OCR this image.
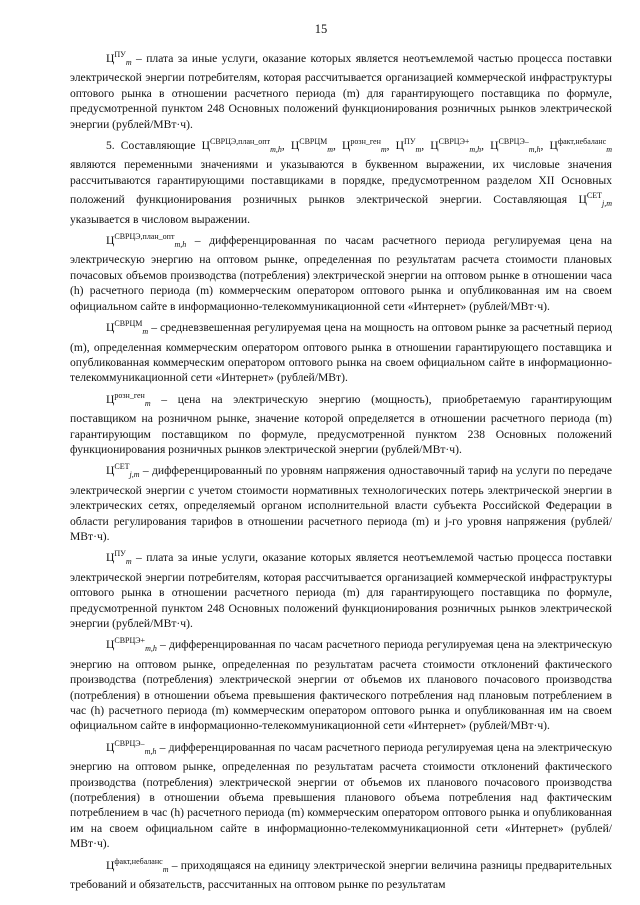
15

$Ц^{ПУ}_m$ – плата за иные услуги, оказание которых является неотъемлемой частью процесса поставки электрической энергии потребителям, которая рассчитывается организацией коммерческой инфраструктуры оптового рынка в отношении расчетного периода (m) для гарантирующего поставщика по формуле, предусмотренной пунктом 248 Основных положений функционирования розничных рынков электрической энергии (рублей/МВт·ч).

5. Составляющие $Ц^{СВРЦЭ,план\_опт}_{m,h}$, $Ц^{СВРЦМ}_m$, $Ц^{розн\_ген}_m$, $Ц^{ПУ}_m$, $Ц^{СВРЦЭ+}_{m,h}$, $Ц^{СВРЦЭ-}_{m,h}$, $Ц^{факт,небаланс}_m$ являются переменными значениями и указываются в буквенном выражении, их числовые значения рассчитываются гарантирующими поставщиками в порядке, предусмотренном разделом XII Основных положений функционирования розничных рынков электрической энергии. Составляющая $Ц^{СЕТ}_{j,m}$ указывается в числовом выражении.

$Ц^{СВРЦЭ,план\_опт}_{m,h}$ – дифференцированная по часам расчетного периода регулируемая цена на электрическую энергию на оптовом рынке, определенная по результатам расчета стоимости плановых почасовых объемов производства (потребления) электрической энергии на оптовом рынке в отношении часа (h) расчетного периода (m) коммерческим оператором оптового рынка и опубликованная им на своем официальном сайте в информационно-телекоммуникационной сети «Интернет» (рублей/МВт·ч).

$Ц^{СВРЦМ}_m$ – средневзвешенная регулируемая цена на мощность на оптовом рынке за расчетный период (m), определенная коммерческим оператором оптового рынка в отношении гарантирующего поставщика и опубликованная коммерческим оператором оптового рынка на своем официальном сайте в информационно-телекоммуникационной сети «Интернет» (рублей/МВт).

$Ц^{розн\_ген}_m$ – цена на электрическую энергию (мощность), приобретаемую гарантирующим поставщиком на розничном рынке, значение которой определяется в отношении расчетного периода (m) гарантирующим поставщиком по формуле, предусмотренной пунктом 238 Основных положений функционирования розничных рынков электрической энергии (рублей/МВт·ч).

$Ц^{СЕТ}_{j,m}$ – дифференцированный по уровням напряжения одноставочный тариф на услуги по передаче электрической энергии с учетом стоимости нормативных технологических потерь электрической энергии в электрических сетях, определяемый органом исполнительной власти субъекта Российской Федерации в области регулирования тарифов в отношении расчетного периода (m) и j-го уровня напряжения (рублей/МВт·ч).

$Ц^{ПУ}_m$ – плата за иные услуги, оказание которых является неотъемлемой частью процесса поставки электрической энергии потребителям, которая рассчитывается организацией коммерческой инфраструктуры оптового рынка в отношении расчетного периода (m) для гарантирующего поставщика по формуле, предусмотренной пунктом 248 Основных положений функционирования розничных рынков электрической энергии (рублей/МВт·ч).

$Ц^{СВРЦЭ+}_{m,h}$ – дифференцированная по часам расчетного периода регулируемая цена на электрическую энергию на оптовом рынке, определенная по результатам расчета стоимости отклонений фактического производства (потребления) электрической энергии от объемов их планового почасового производства (потребления) в отношении объема превышения фактического потребления над плановым потреблением в час (h) расчетного периода (m) коммерческим оператором оптового рынка и опубликованная им на своем официальном сайте в информационно-телекоммуникационной сети «Интернет» (рублей/МВт·ч).

$Ц^{СВРЦЭ-}_{m,h}$ – дифференцированная по часам расчетного периода регулируемая цена на электрическую энергию на оптовом рынке, определенная по результатам расчета стоимости отклонений фактического производства (потребления) электрической энергии от объемов их планового почасового производства (потребления) в отношении объема превышения планового объема потребления над фактическим потреблением в час (h) расчетного периода (m) коммерческим оператором оптового рынка и опубликованная им на своем официальном сайте в информационно-телекоммуникационной сети «Интернет» (рублей/МВт·ч).

$Ц^{факт,небаланс}_m$ – приходящаяся на единицу электрической энергии величина разницы предварительных требований и обязательств, рассчитанных на оптовом рынке по результатам
